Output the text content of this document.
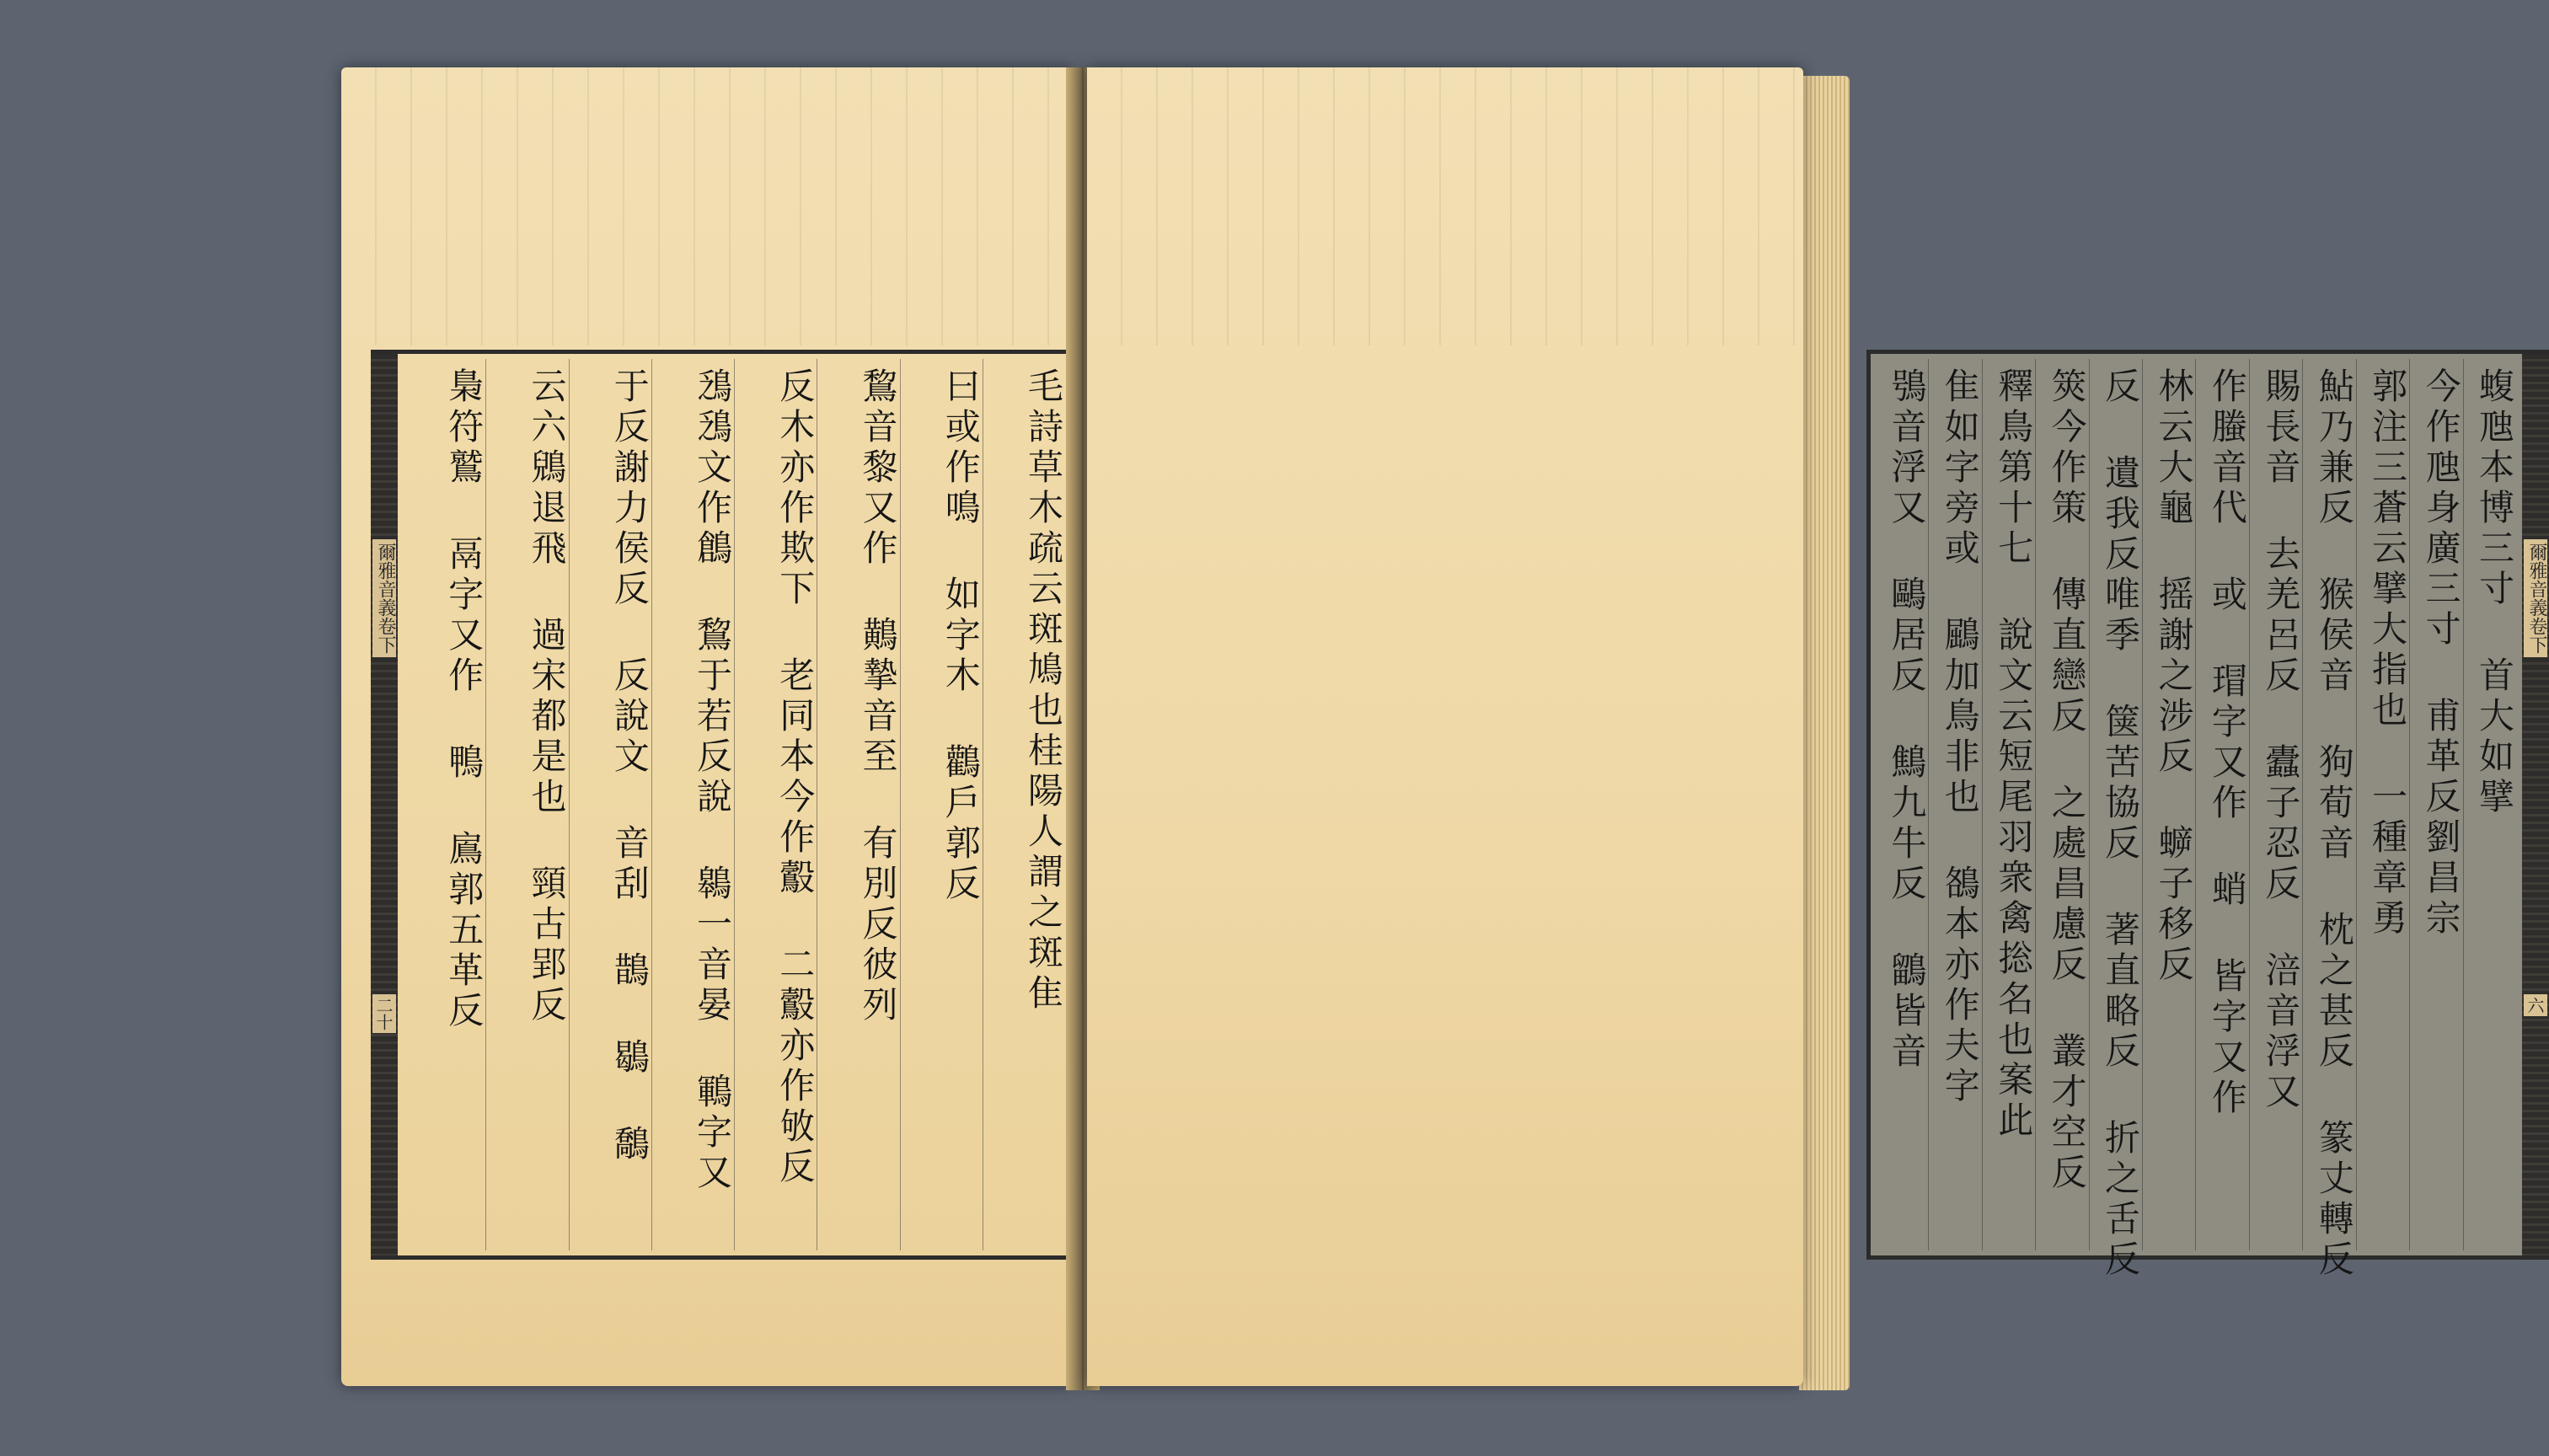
爾雅音義卷下
二十	毛詩草木疏云斑鳩也桂陽人謂之斑隹
曰或作鳴 如字木 鸛戶郭反
鵹音黎又作 鷬摯音至 有別反彼列
反木亦作欺下 老同本今作鷇 二鷇亦作敂反
鴔鴔文作鶬 鵹于若反說 鷎一音晏 鶤字又
于反謝力侯反 反說文 音刮 鵲 鶡 鷮
云六鶂退飛 過宋都是也 頸古郢反
梟符鷲 鬲字又作 鴨 鳸郭五革反	爾雅音義卷下
六
蝮虺本博三寸 首大如擘
今作虺身廣三寸 甫革反劉昌宗
郭注三蒼云擘大指也 一種章勇
鮎乃兼反 猴侯音 狗荀音 枕之甚反 篆丈轉反
賜長音 去羌呂反 蠹子忍反 涪音浮又
作螣音代 或 瑁字又作 蛸 皆字又作
林云大龜 摇謝之涉反 蝷子移反
反 遺我反唯季 箧苦協反 著直略反 折之舌反
筴今作策 傳直戀反 之處昌慮反 叢才空反
釋鳥第十七 說文云短尾羽衆禽捴名也案此
隹如字旁或 鶌加鳥非也 鵅本亦作夫字
鴞音浮又 鷗居反 鷦九牛反 鶹皆音
